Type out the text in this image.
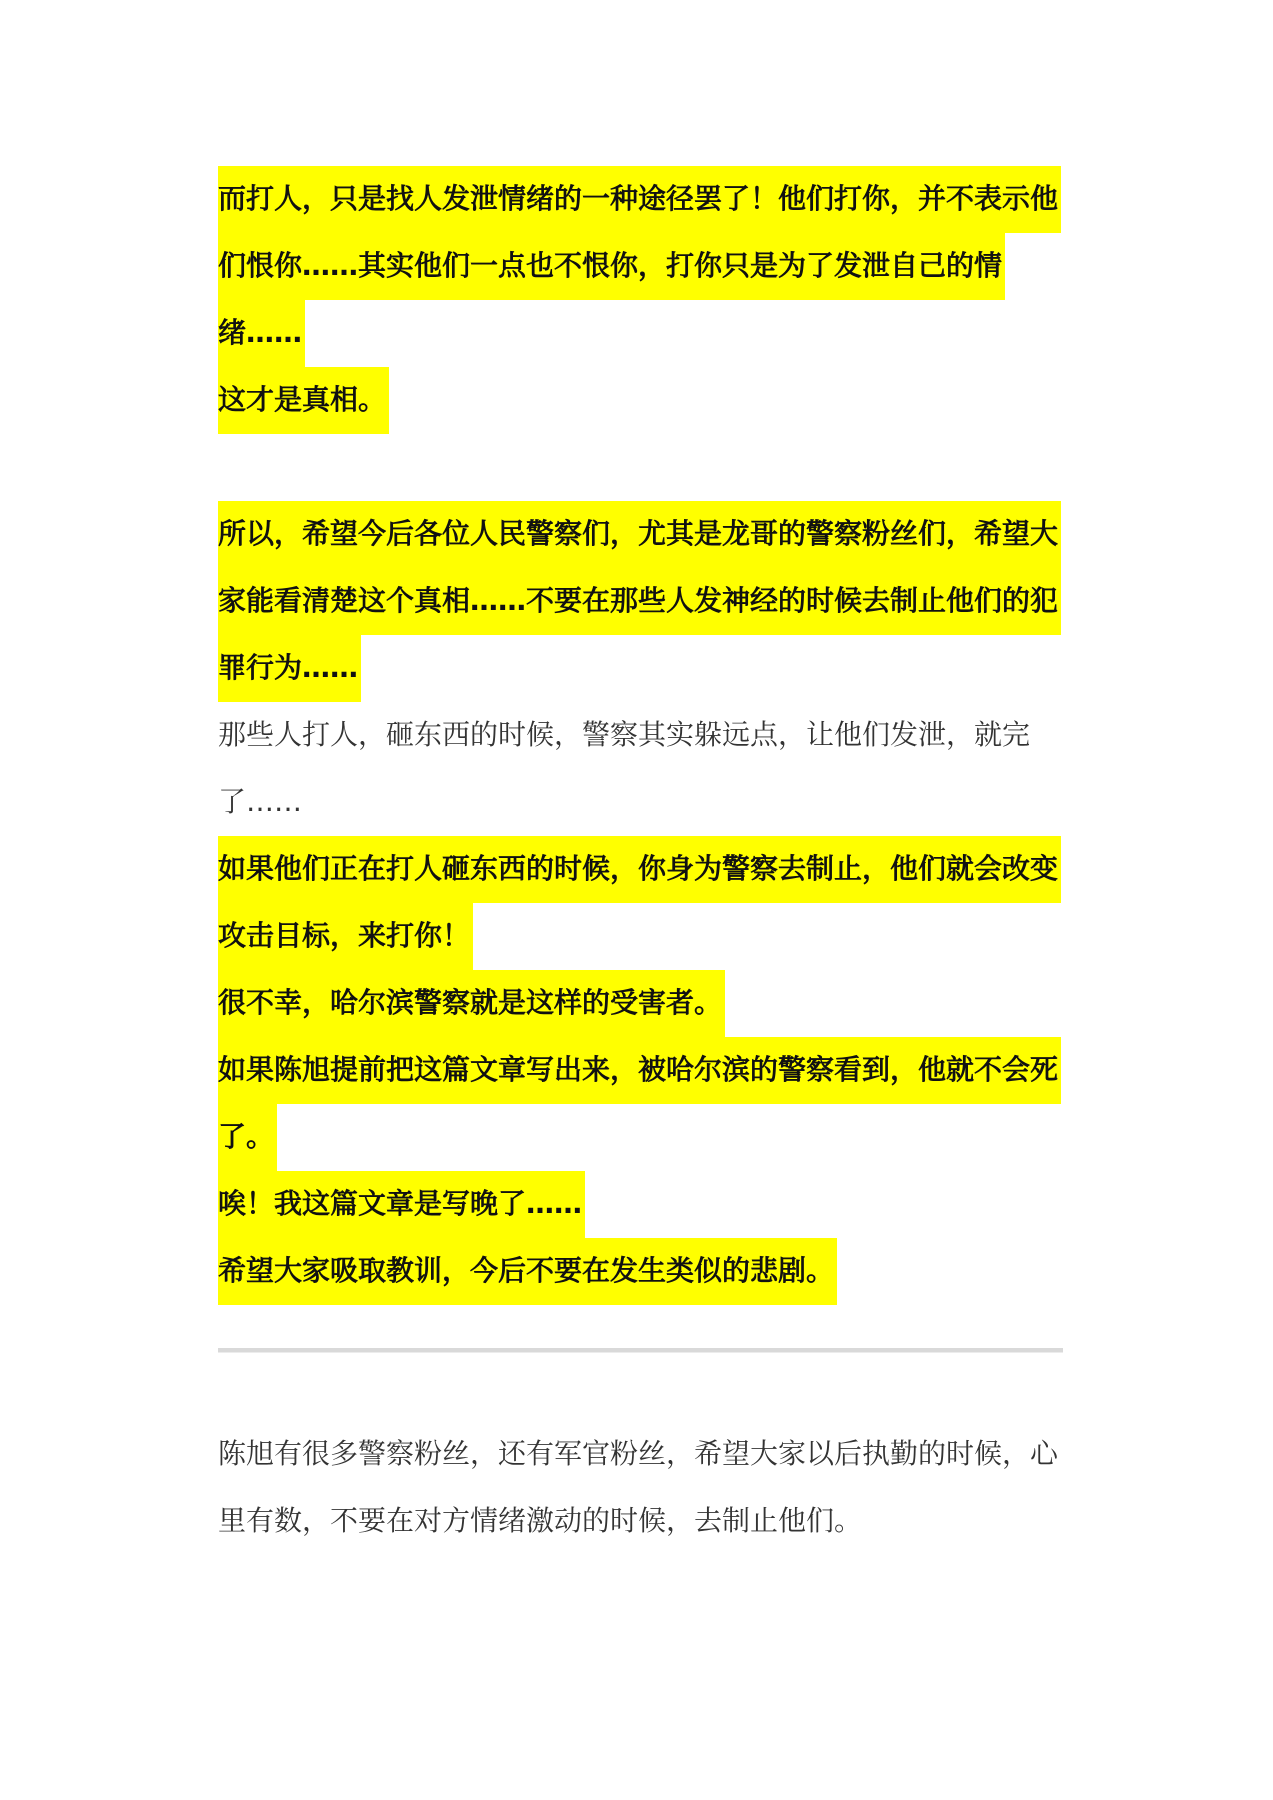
而打人，只是找人发泄情绪的一种途径罢了！他们打你，并不表示他们恨你……其实他们一点也不恨你，打你只是为了发泄自己的情绪……

这才是真相。

所以，希望今后各位人民警察们，尤其是龙哥的警察粉丝们，希望大家能看清楚这个真相……不要在那些人发神经的时候去制止他们的犯罪行为……

那些人打人，砸东西的时候，警察其实躲远点，让他们发泄，就完了……

如果他们正在打人砸东西的时候，你身为警察去制止，他们就会改变攻击目标，来打你！

很不幸，哈尔滨警察就是这样的受害者。

如果陈旭提前把这篇文章写出来，被哈尔滨的警察看到，他就不会死了。

唉！我这篇文章是写晚了……

希望大家吸取教训，今后不要在发生类似的悲剧。

陈旭有很多警察粉丝，还有军官粉丝，希望大家以后执勤的时候，心里有数，不要在对方情绪激动的时候，去制止他们。
